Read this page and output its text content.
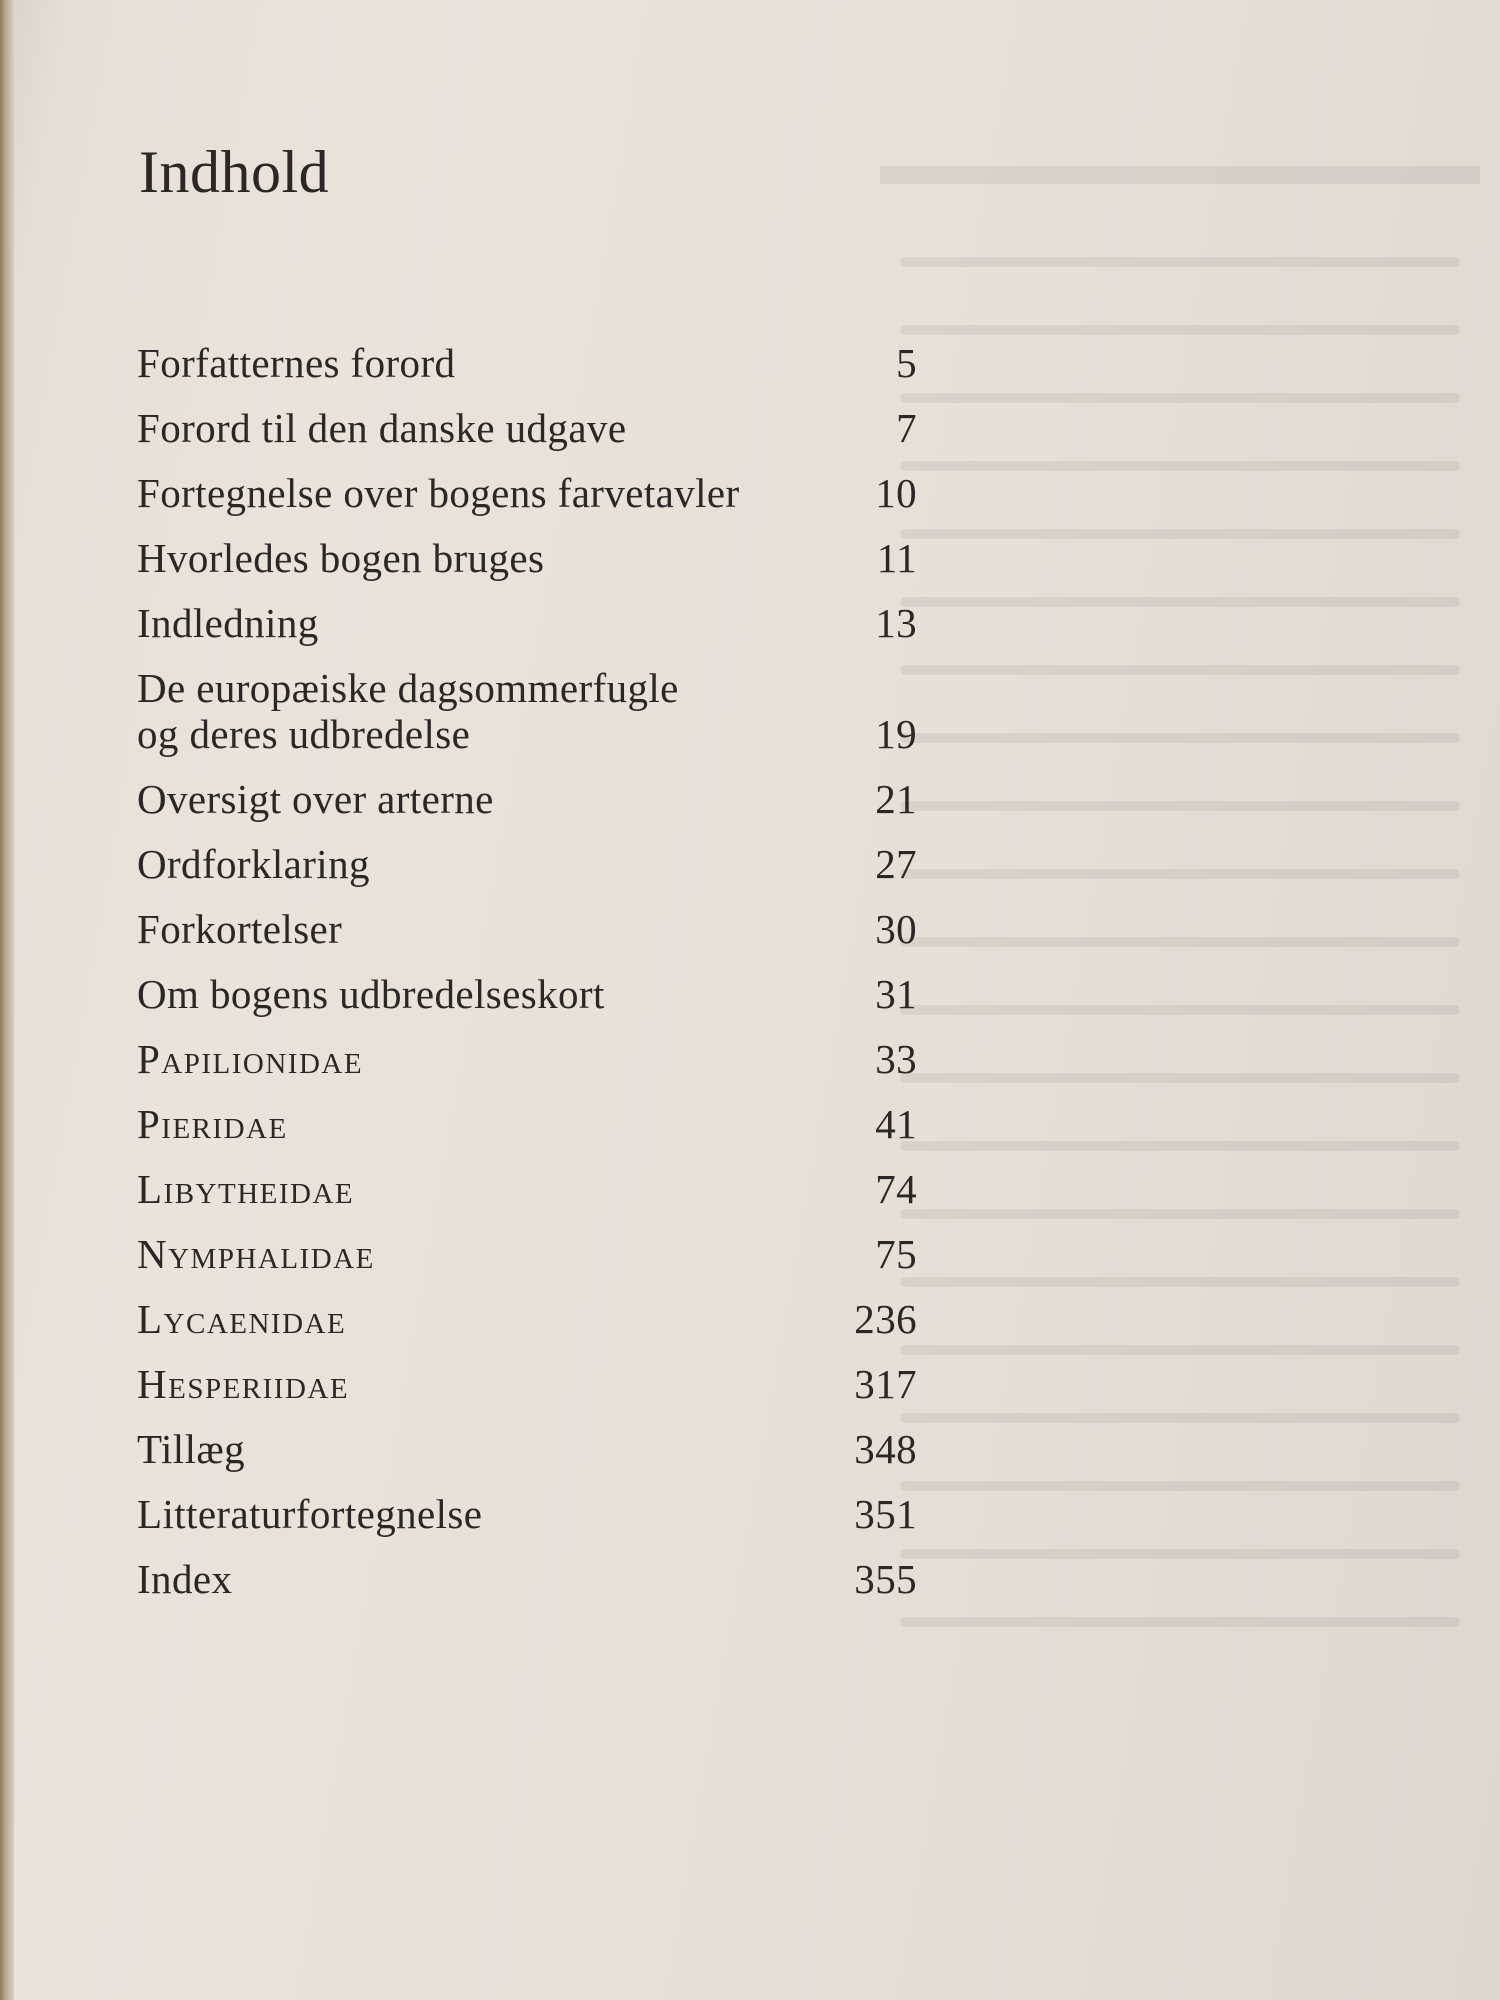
▬▬▬▬▬▬▬▬▬▬
Indhold
Forfatternes forord	5
Forord til den danske udgave	7
Fortegnelse over bogens farvetavler	10
Hvorledes bogen bruges	11
Indledning	13
De europæiske dagsommerfugle
og deres udbredelse	19
Oversigt over arterne	21
Ordforklaring	27
Forkortelser	30
Om bogens udbredelseskort	31
Papilionidae	33
Pieridae	41
Libytheidae	74
Nymphalidae	75
Lycaenidae	236
Hesperiidae	317
Tillæg	348
Litteraturfortegnelse	351
Index	355
